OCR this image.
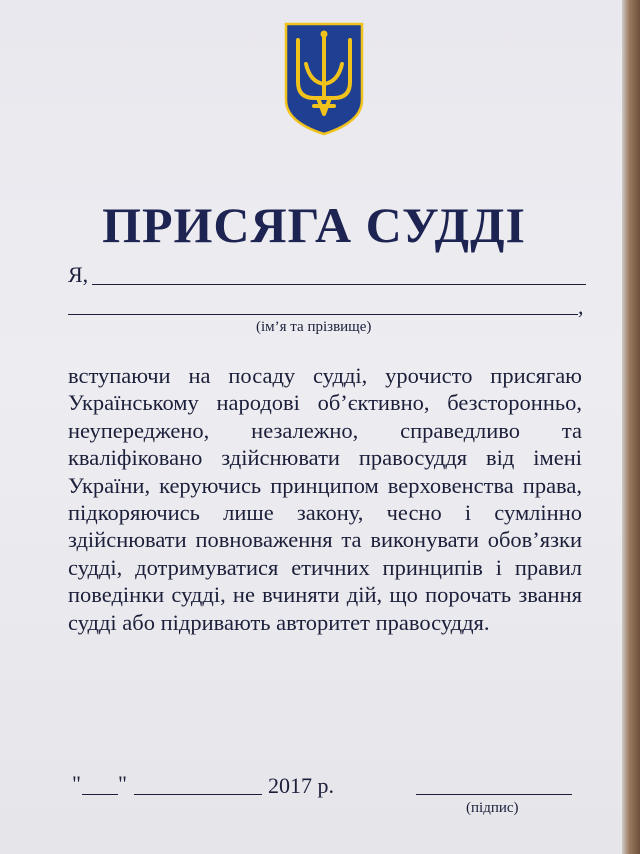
ПРИСЯГА СУДДІ
Я,
,
(ім’я та прізвище)

вступаючи на посаду судді, урочисто присягаю Українському народові об’єктивно, безсторонньо, неупереджено, незалежно, справедливо та кваліфіковано здійснювати правосуддя від імені України, керуючись принципом верховенства права, підкоряючись лише закону, чесно і сумлінно здійснювати повноваження та виконувати обов’язки судді, дотримуватися етичних принципів і правил поведінки судді, не вчиняти дій, що порочать звання судді або підривають авторитет правосуддя.

" "	2017 р.
(підпис)
